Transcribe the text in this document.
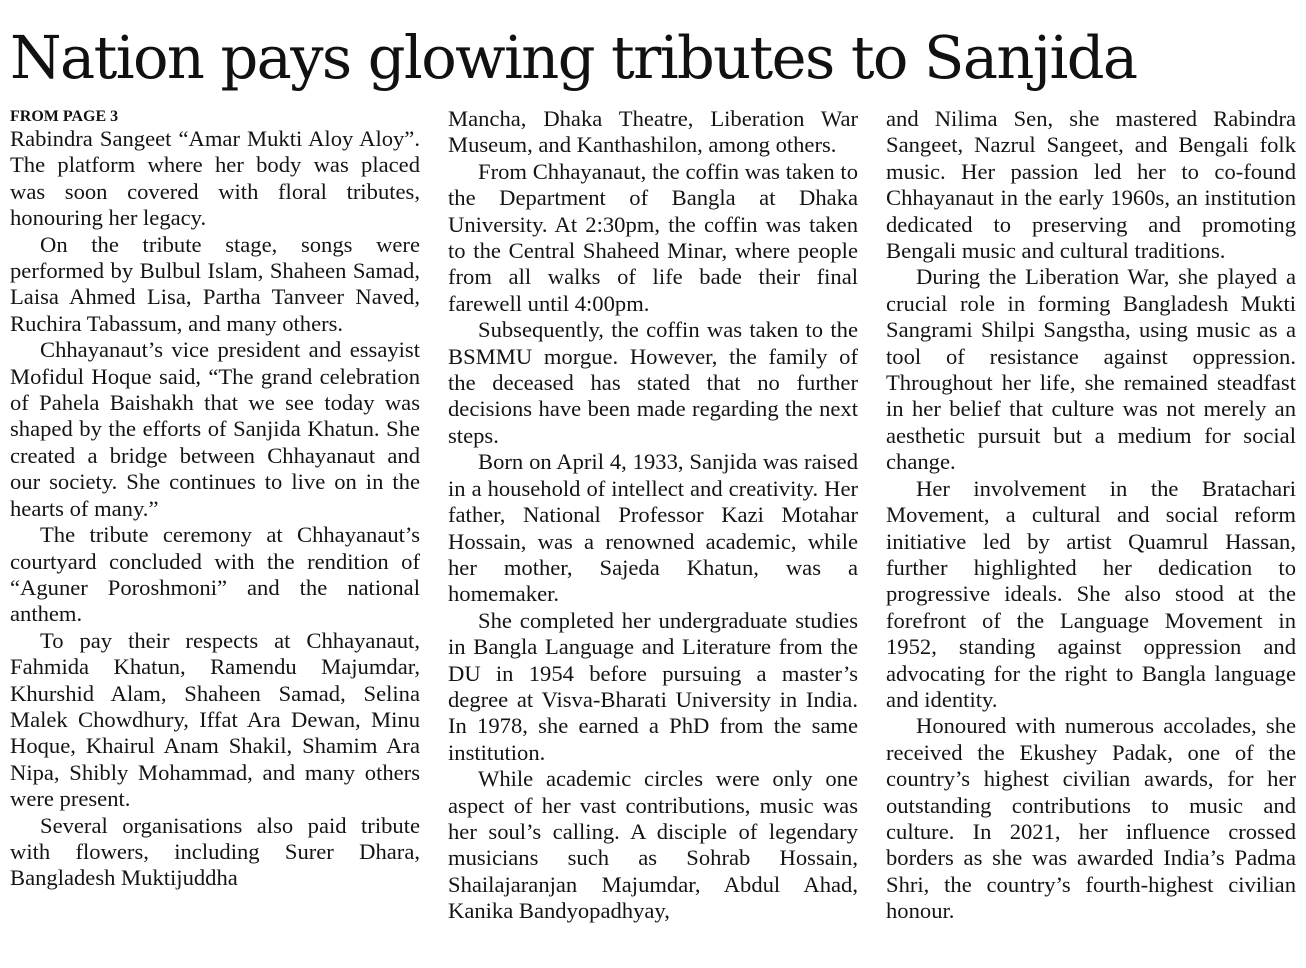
Nation pays glowing tributes to Sanjida
FROM PAGE 3

Rabindra Sangeet “Amar Mukti Aloy Aloy”. The platform where her body was placed was soon covered with floral tributes, honouring her legacy.

On the tribute stage, songs were performed by Bulbul Islam, Shaheen Samad, Laisa Ahmed Lisa, Partha Tanveer Naved, Ruchira Tabassum, and many others.

Chhayanaut’s vice president and essayist Mofidul Hoque said, “The grand celebration of Pahela Baishakh that we see today was shaped by the efforts of Sanjida Khatun. She created a bridge between Chhayanaut and our society. She continues to live on in the hearts of many.”

The tribute ceremony at Chhayanaut’s courtyard concluded with the rendition of “Aguner Poroshmoni” and the national anthem.

To pay their respects at Chhayanaut, Fahmida Khatun, Ramendu Majumdar, Khurshid Alam, Shaheen Samad, Selina Malek Chowdhury, Iffat Ara Dewan, Minu Hoque, Khairul Anam Shakil, Shamim Ara Nipa, Shibly Mohammad, and many others were present.

Several organisations also paid tribute with flowers, including Surer Dhara, Bangladesh Muktijuddha

Mancha, Dhaka Theatre, Liberation War Museum, and Kanthashilon, among others.

From Chhayanaut, the coffin was taken to the Department of Bangla at Dhaka University. At 2:30pm, the coffin was taken to the Central Shaheed Minar, where people from all walks of life bade their final farewell until 4:00pm.

Subsequently, the coffin was taken to the BSMMU morgue. However, the family of the deceased has stated that no further decisions have been made regarding the next steps.

Born on April 4, 1933, Sanjida was raised in a household of intellect and creativity. Her father, National Professor Kazi Motahar Hossain, was a renowned academic, while her mother, Sajeda Khatun, was a homemaker.

She completed her undergraduate studies in Bangla Language and Literature from the DU in 1954 before pursuing a master’s degree at Visva-Bharati University in India. In 1978, she earned a PhD from the same institution.

While academic circles were only one aspect of her vast contributions, music was her soul’s calling. A disciple of legendary musicians such as Sohrab Hossain, Shailajaranjan Majumdar, Abdul Ahad, Kanika Bandyopadhyay,

and Nilima Sen, she mastered Rabindra Sangeet, Nazrul Sangeet, and Bengali folk music. Her passion led her to co-found Chhayanaut in the early 1960s, an institution dedicated to preserving and promoting Bengali music and cultural traditions.

During the Liberation War, she played a crucial role in forming Bangladesh Mukti Sangrami Shilpi Sangstha, using music as a tool of resistance against oppression. Throughout her life, she remained steadfast in her belief that culture was not merely an aesthetic pursuit but a medium for social change.

Her involvement in the Bratachari Movement, a cultural and social reform initiative led by artist Quamrul Hassan, further highlighted her dedication to progressive ideals. She also stood at the forefront of the Language Movement in 1952, standing against oppression and advocating for the right to Bangla language and identity.

Honoured with numerous accolades, she received the Ekushey Padak, one of the country’s highest civilian awards, for her outstanding contributions to music and culture. In 2021, her influence crossed borders as she was awarded India’s Padma Shri, the country’s fourth-highest civilian honour.
